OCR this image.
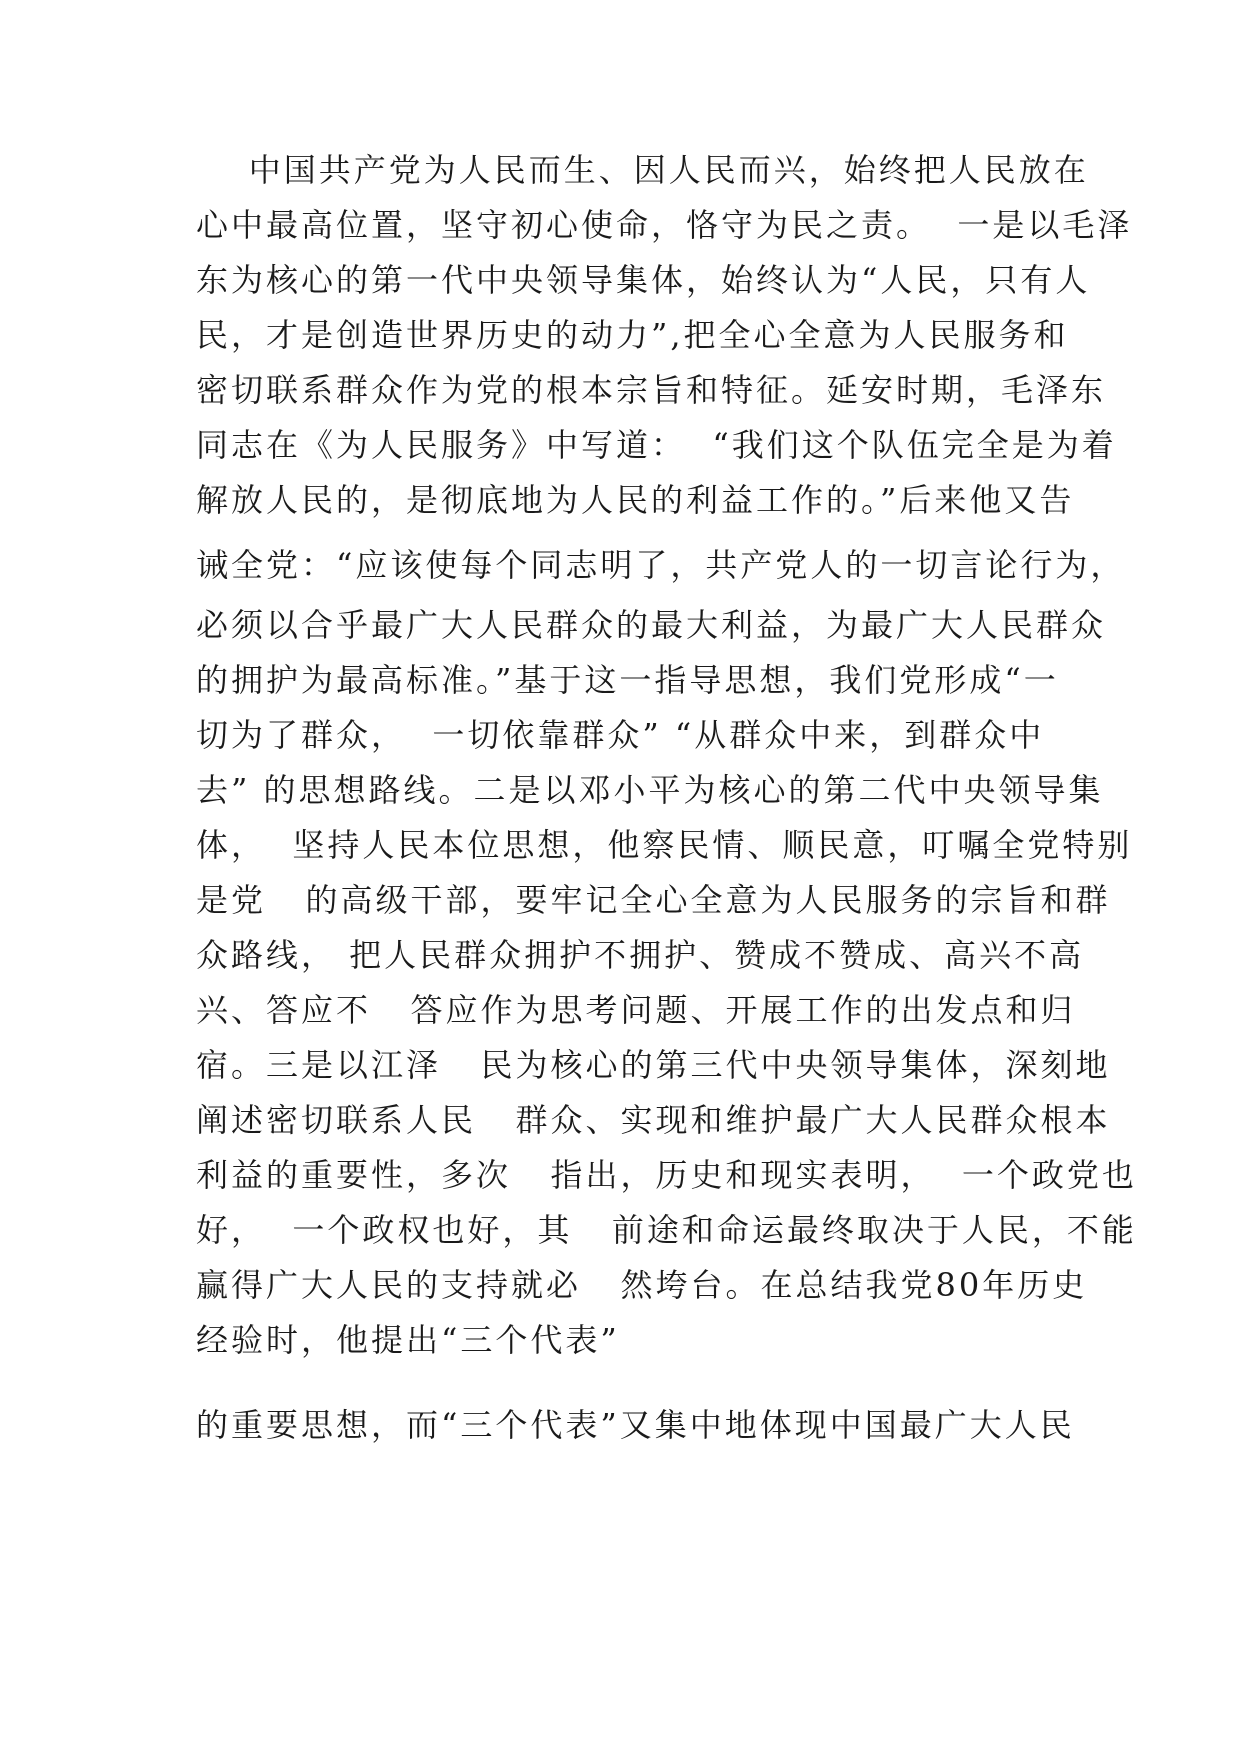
中国共产党为人民而生、因人民而兴，始终把人民放在
心中最高位置，坚守初心使命，恪守为民之责。  一是以毛泽
东为核心的第一代中央领导集体，始终认为“人民，只有人
民，才是创造世界历史的动力”,把全心全意为人民服务和
密切联系群众作为党的根本宗旨和特征。延安时期，毛泽东
同志在《为人民服务》中写道：  “我们这个队伍完全是为着
解放人民的，是彻底地为人民的利益工作的。”后来他又告
诫全党：“应该使每个同志明了，共产党人的一切言论行为，
必须以合乎最广大人民群众的最大利益，为最广大人民群众
的拥护为最高标准。”基于这一指导思想，我们党形成“一
切为了群众，  一切依靠群众” “从群众中来，到群众中
去” 的思想路线。二是以邓小平为核心的第二代中央领导集
体，  坚持人民本位思想，他察民情、顺民意，叮嘱全党特别
是党   的高级干部，要牢记全心全意为人民服务的宗旨和群
众路线， 把人民群众拥护不拥护、赞成不赞成、高兴不高
兴、答应不   答应作为思考问题、开展工作的出发点和归
宿。三是以江泽   民为核心的第三代中央领导集体，深刻地
阐述密切联系人民   群众、实现和维护最广大人民群众根本
利益的重要性，多次   指出，历史和现实表明，  一个政党也
好，  一个政权也好，其   前途和命运最终取决于人民，不能
赢得广大人民的支持就必   然垮台。在总结我党80年历史
经验时，他提出“三个代表”
的重要思想，而“三个代表”又集中地体现中国最广大人民
